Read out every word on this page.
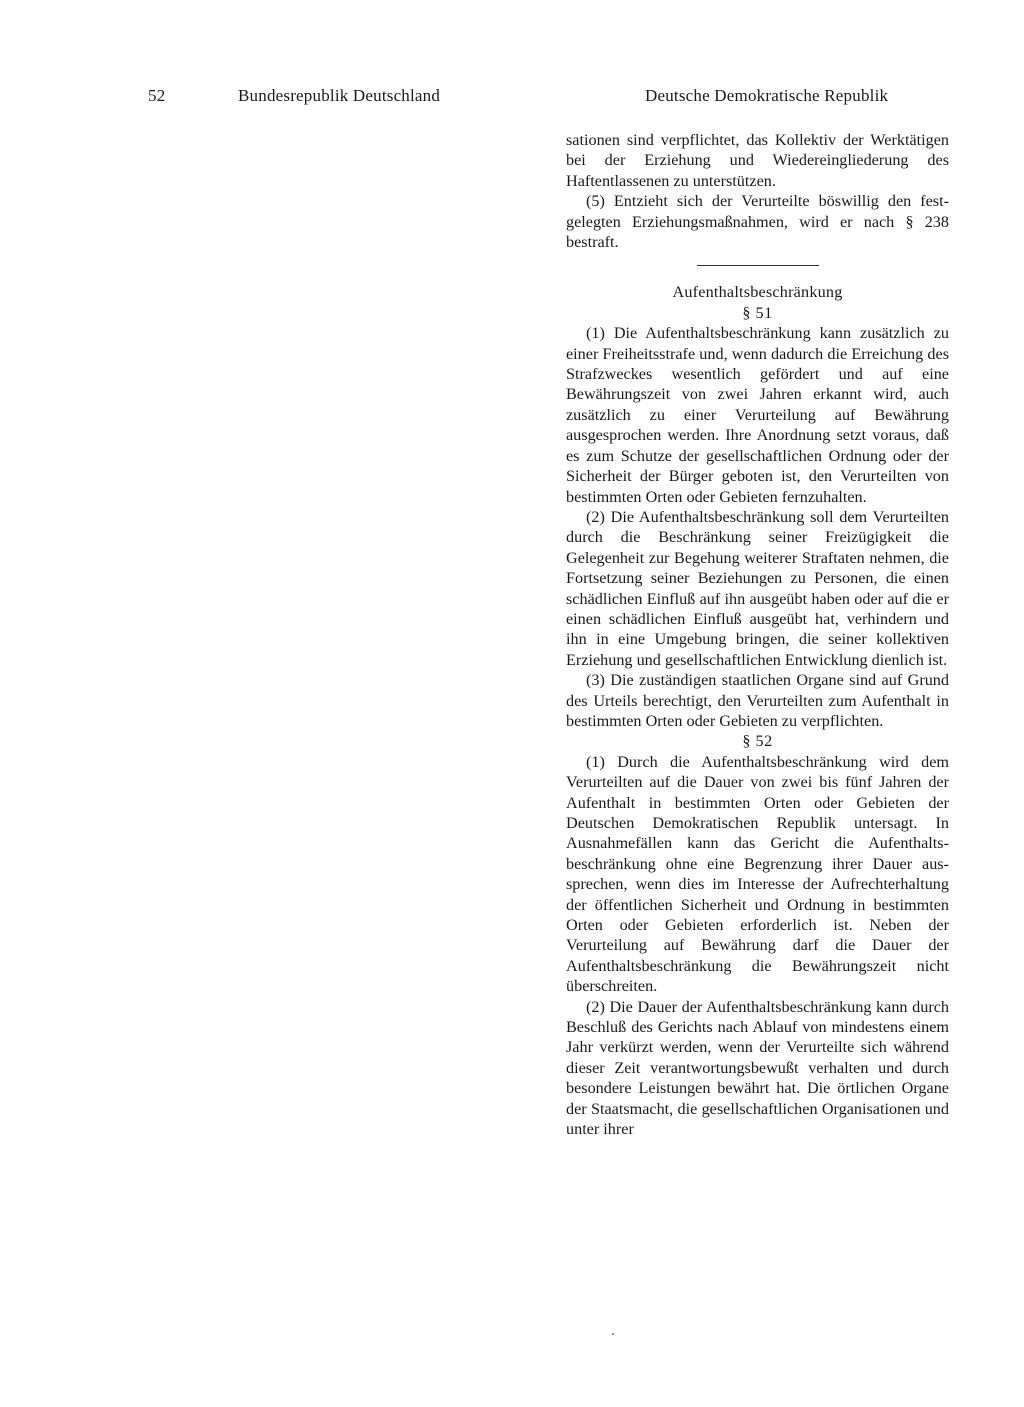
52	Bundesrepublik Deutschland	Deutsche Demokratische Republik

sationen sind verpflichtet, das Kollektiv der Werktätigen bei der Erziehung und Wiedereingliederung des Haftentlassenen zu unterstützen.

(5) Entzieht sich der Verurteilte böswillig den festgelegten Erziehungsmaßnahmen, wird er nach § 238 bestraft.

Aufenthaltsbeschränkung

§ 51

(1) Die Aufenthaltsbeschränkung kann zusätzlich zu einer Freiheitsstrafe und, wenn dadurch die Erreichung des Strafzweckes wesentlich gefördert und auf eine Bewährungszeit von zwei Jahren erkannt wird, auch zusätzlich zu einer Verurteilung auf Bewährung ausgesprochen werden. Ihre Anordnung setzt voraus, daß es zum Schutze der gesellschaftlichen Ordnung oder der Sicherheit der Bürger geboten ist, den Verurteilten von bestimmten Orten oder Gebieten fernzuhalten.

(2) Die Aufenthaltsbeschränkung soll dem Verurteilten durch die Beschränkung seiner Freizügigkeit die Gelegenheit zur Begehung weiterer Straftaten nehmen, die Fortsetzung seiner Beziehungen zu Personen, die einen schädlichen Einfluß auf ihn ausgeübt haben oder auf die er einen schädlichen Einfluß ausgeübt hat, verhindern und ihn in eine Umgebung bringen, die seiner kollektiven Erziehung und gesellschaftlichen Entwicklung dienlich ist.

(3) Die zuständigen staatlichen Organe sind auf Grund des Urteils berechtigt, den Verurteilten zum Aufenthalt in bestimmten Orten oder Gebieten zu verpflichten.

§ 52

(1) Durch die Aufenthaltsbeschränkung wird dem Verurteilten auf die Dauer von zwei bis fünf Jahren der Aufenthalt in bestimmten Orten oder Gebieten der Deutschen Demokratischen Republik untersagt. In Ausnahmefällen kann das Gericht die Aufenthaltsbeschränkung ohne eine Begrenzung ihrer Dauer aussprechen, wenn dies im Interesse der Aufrechterhaltung der öffentlichen Sicherheit und Ordnung in bestimmten Orten oder Gebieten erforderlich ist. Neben der Verurteilung auf Bewährung darf die Dauer der Aufenthaltsbeschränkung die Bewährungszeit nicht überschreiten.

(2) Die Dauer der Aufenthaltsbeschränkung kann durch Beschluß des Gerichts nach Ablauf von mindestens einem Jahr verkürzt werden, wenn der Verurteilte sich während dieser Zeit verantwortungsbewußt verhalten und durch besondere Leistungen bewährt hat. Die örtlichen Organe der Staatsmacht, die gesellschaftlichen Organisationen und unter ihrer
